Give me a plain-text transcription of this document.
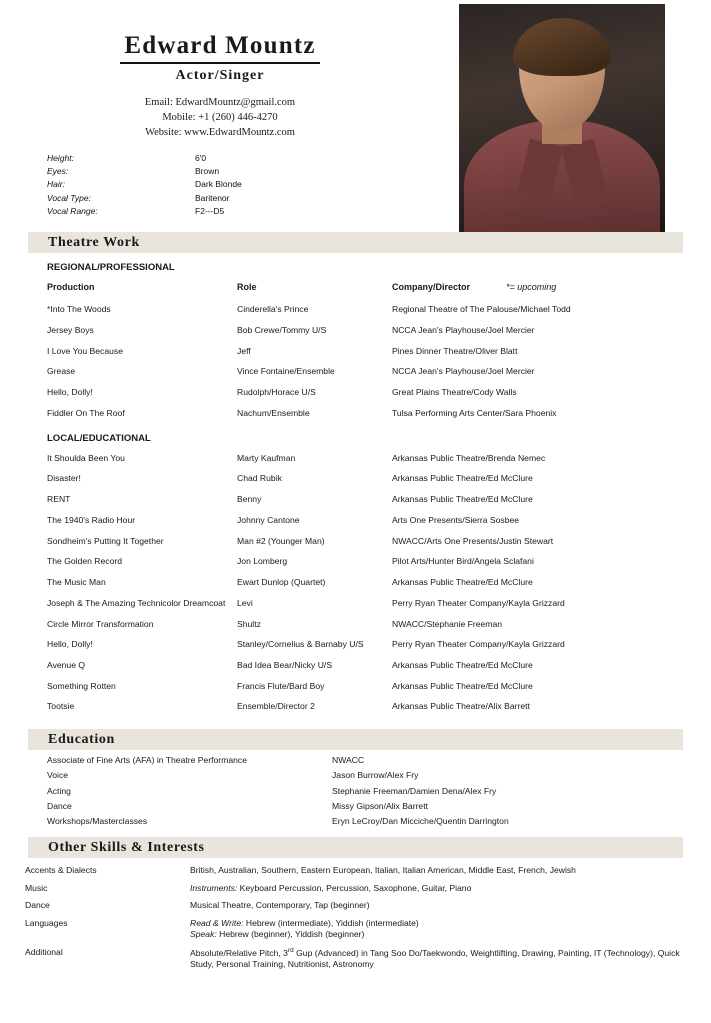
Edward Mountz
Actor/Singer
Email: EdwardMountz@gmail.com
Mobile: +1 (260) 446-4270
Website: www.EdwardMountz.com
Height:	6'0
Eyes:	Brown
Hair:	Dark Blonde
Vocal Type:	Baritenor
Vocal Range:	F2---D5
Theatre Work
REGIONAL/PROFESSIONAL
Production	Role	Company/Director *= upcoming
*Into The Woods	Cinderella's Prince	Regional Theatre of The Palouse/Michael Todd
Jersey Boys	Bob Crewe/Tommy U/S	NCCA Jean's Playhouse/Joel Mercier
I Love You Because	Jeff	Pines Dinner Theatre/Oliver Blatt
Grease	Vince Fontaine/Ensemble	NCCA Jean's Playhouse/Joel Mercier
Hello, Dolly!	Rudolph/Horace U/S	Great Plains Theatre/Cody Walls
Fiddler On The Roof	Nachum/Ensemble	Tulsa Performing Arts Center/Sara Phoenix
LOCAL/EDUCATIONAL
It Shoulda Been You	Marty Kaufman	Arkansas Public Theatre/Brenda Nemec
Disaster!	Chad Rubik	Arkansas Public Theatre/Ed McClure
RENT	Benny	Arkansas Public Theatre/Ed McClure
The 1940's Radio Hour	Johnny Cantone	Arts One Presents/Sierra Sosbee
Sondheim's Putting It Together	Man #2 (Younger Man)	NWACC/Arts One Presents/Justin Stewart
The Golden Record	Jon Lomberg	Pilot Arts/Hunter Bird/Angela Sclafani
The Music Man	Ewart Dunlop (Quartet)	Arkansas Public Theatre/Ed McClure
Joseph & The Amazing Technicolor Dreamcoat	Levi	Perry Ryan Theater Company/Kayla Grizzard
Circle Mirror Transformation	Shultz	NWACC/Stephanie Freeman
Hello, Dolly!	Stanley/Cornelius & Barnaby U/S	Perry Ryan Theater Company/Kayla Grizzard
Avenue Q	Bad Idea Bear/Nicky U/S	Arkansas Public Theatre/Ed McClure
Something Rotten	Francis Flute/Bard Boy	Arkansas Public Theatre/Ed McClure
Tootsie	Ensemble/Director 2	Arkansas Public Theatre/Alix Barrett
Education
Associate of Fine Arts (AFA) in Theatre Performance	NWACC
Voice	Jason Burrow/Alex Fry
Acting	Stephanie Freeman/Damien Dena/Alex Fry
Dance	Missy Gipson/Alix Barrett
Workshops/Masterclasses	Eryn LeCroy/Dan Micciche/Quentin Darrington
Other Skills & Interests
Accents & Dialects	British, Australian, Southern, Eastern European, Italian, Italian American, Middle East, French, Jewish

Music	Instruments: Keyboard Percussion, Percussion, Saxophone, Guitar, Piano

Dance	Musical Theatre, Contemporary, Tap (beginner)

Languages	Read & Write: Hebrew (intermediate), Yiddish (intermediate)
Speak: Hebrew (beginner), Yiddish (beginner)

Additional	Absolute/Relative Pitch, 3rd Gup (Advanced) in Tang Soo Do/Taekwondo, Weightlifting, Drawing, Painting, IT (Technology), Quick Study, Personal Training, Nutritionist, Astronomy
